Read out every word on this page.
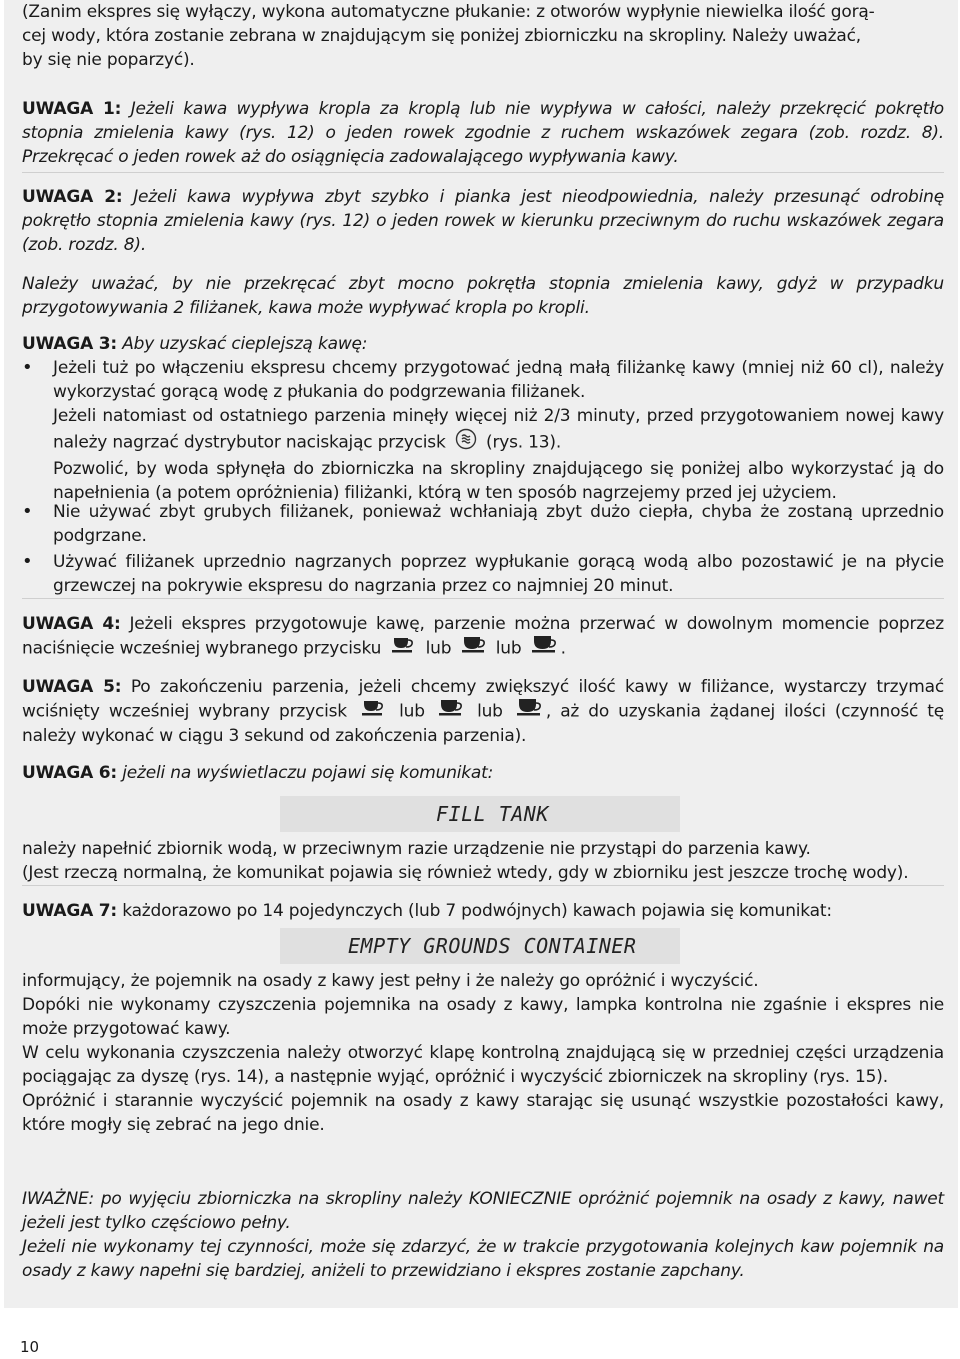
(Zanim ekspres się wyłączy, wykona automatyczne płukanie: z otworów wypłynie niewielka ilość gorą-
cej wody, która zostanie zebrana w znajdującym się poniżej zbiorniczku na skropliny. Należy uważać,
by się nie poparzyć).
UWAGA 1: Jeżeli kawa wypływa kropla za kroplą lub nie wypływa w całości, należy przekręcić pokrętło stopnia zmielenia kawy (rys. 12) o jeden rowek zgodnie z ruchem wskazówek zegara (zob. rozdz. 8). Przekręcać o jeden rowek aż do osiągnięcia zadowalającego wypływania kawy.
UWAGA 2: Jeżeli kawa wypływa zbyt szybko i pianka jest nieodpowiednia, należy przesunąć odrobinę pokrętło stopnia zmielenia kawy (rys. 12) o jeden rowek w kierunku przeciwnym do ruchu wskazówek zegara (zob. rozdz. 8).
Należy uważać, by nie przekręcać zbyt mocno pokrętła stopnia zmielenia kawy, gdyż w przypadku przygotowywania 2 filiżanek, kawa może wypływać kropla po kropli.
UWAGA 3: Aby uzyskać cieplejszą kawę:
• Jeżeli tuż po włączeniu ekspresu chcemy przygotować jedną małą filiżankę kawy (mniej niż 60 cl), należy wykorzystać gorącą wodę z płukania do podgrzewania filiżanek.
Jeżeli natomiast od ostatniego parzenia minęły więcej niż 2/3 minuty, przed przygotowaniem nowej kawy należy nagrzać dystrybutor naciskając przycisk (rys. 13).
Pozwolić, by woda spłynęła do zbiorniczka na skropliny znajdującego się poniżej albo wykorzystać ją do napełnienia (a potem opróżnienia) filiżanki, którą w ten sposób nagrzejemy przed jej użyciem.
• Nie używać zbyt grubych filiżanek, ponieważ wchłaniają zbyt dużo ciepła, chyba że zostaną uprzednio podgrzane.
• Używać filiżanek uprzednio nagrzanych poprzez wypłukanie gorącą wodą albo pozostawić je na płycie grzewczej na pokrywie ekspresu do nagrzania przez co najmniej 20 minut.
UWAGA 4: Jeżeli ekspres przygotowuje kawę, parzenie można przerwać w dowolnym momencie poprzez naciśnięcie wcześniej wybranego przycisku	lub	lub .
UWAGA 5: Po zakończeniu parzenia, jeżeli chcemy zwiększyć ilość kawy w filiżance, wystarczy trzymać wciśnięty wcześniej wybrany przycisk	lub	lub	, aż do uzyskania żądanej ilości (czynność tę należy wykonać w ciągu 3 sekund od zakończenia parzenia).
UWAGA 6: jeżeli na wyświetlaczu pojawi się komunikat:
FILL TANK
należy napełnić zbiornik wodą, w przeciwnym razie urządzenie nie przystąpi do parzenia kawy.
(Jest rzeczą normalną, że komunikat pojawia się również wtedy, gdy w zbiorniku jest jeszcze trochę wody).
UWAGA 7: każdorazowo po 14 pojedynczych (lub 7 podwójnych) kawach pojawia się komunikat:
EMPTY GROUNDS CONTAINER
informujący, że pojemnik na osady z kawy jest pełny i że należy go opróżnić i wyczyścić.
Dopóki nie wykonamy czyszczenia pojemnika na osady z kawy, lampka kontrolna nie zgaśnie i ekspres nie może przygotować kawy.
W celu wykonania czyszczenia należy otworzyć klapę kontrolną znajdującą się w przedniej części urządzenia pociągając za dyszę (rys. 14), a następnie wyjąć, opróżnić i wyczyścić zbiorniczek na skropliny (rys. 15).
Opróżnić i starannie wyczyścić pojemnik na osady z kawy starając się usunąć wszystkie pozostałości kawy, które mogły się zebrać na jego dnie.
IWAŻNE: po wyjęciu zbiorniczka na skropliny należy KONIECZNIE opróżnić pojemnik na osady z kawy, nawet jeżeli jest tylko częściowo pełny.
Jeżeli nie wykonamy tej czynności, może się zdarzyć, że w trakcie przygotowania kolejnych kaw pojemnik na osady z kawy napełni się bardziej, aniżeli to przewidziano i ekspres zostanie zapchany.
10
